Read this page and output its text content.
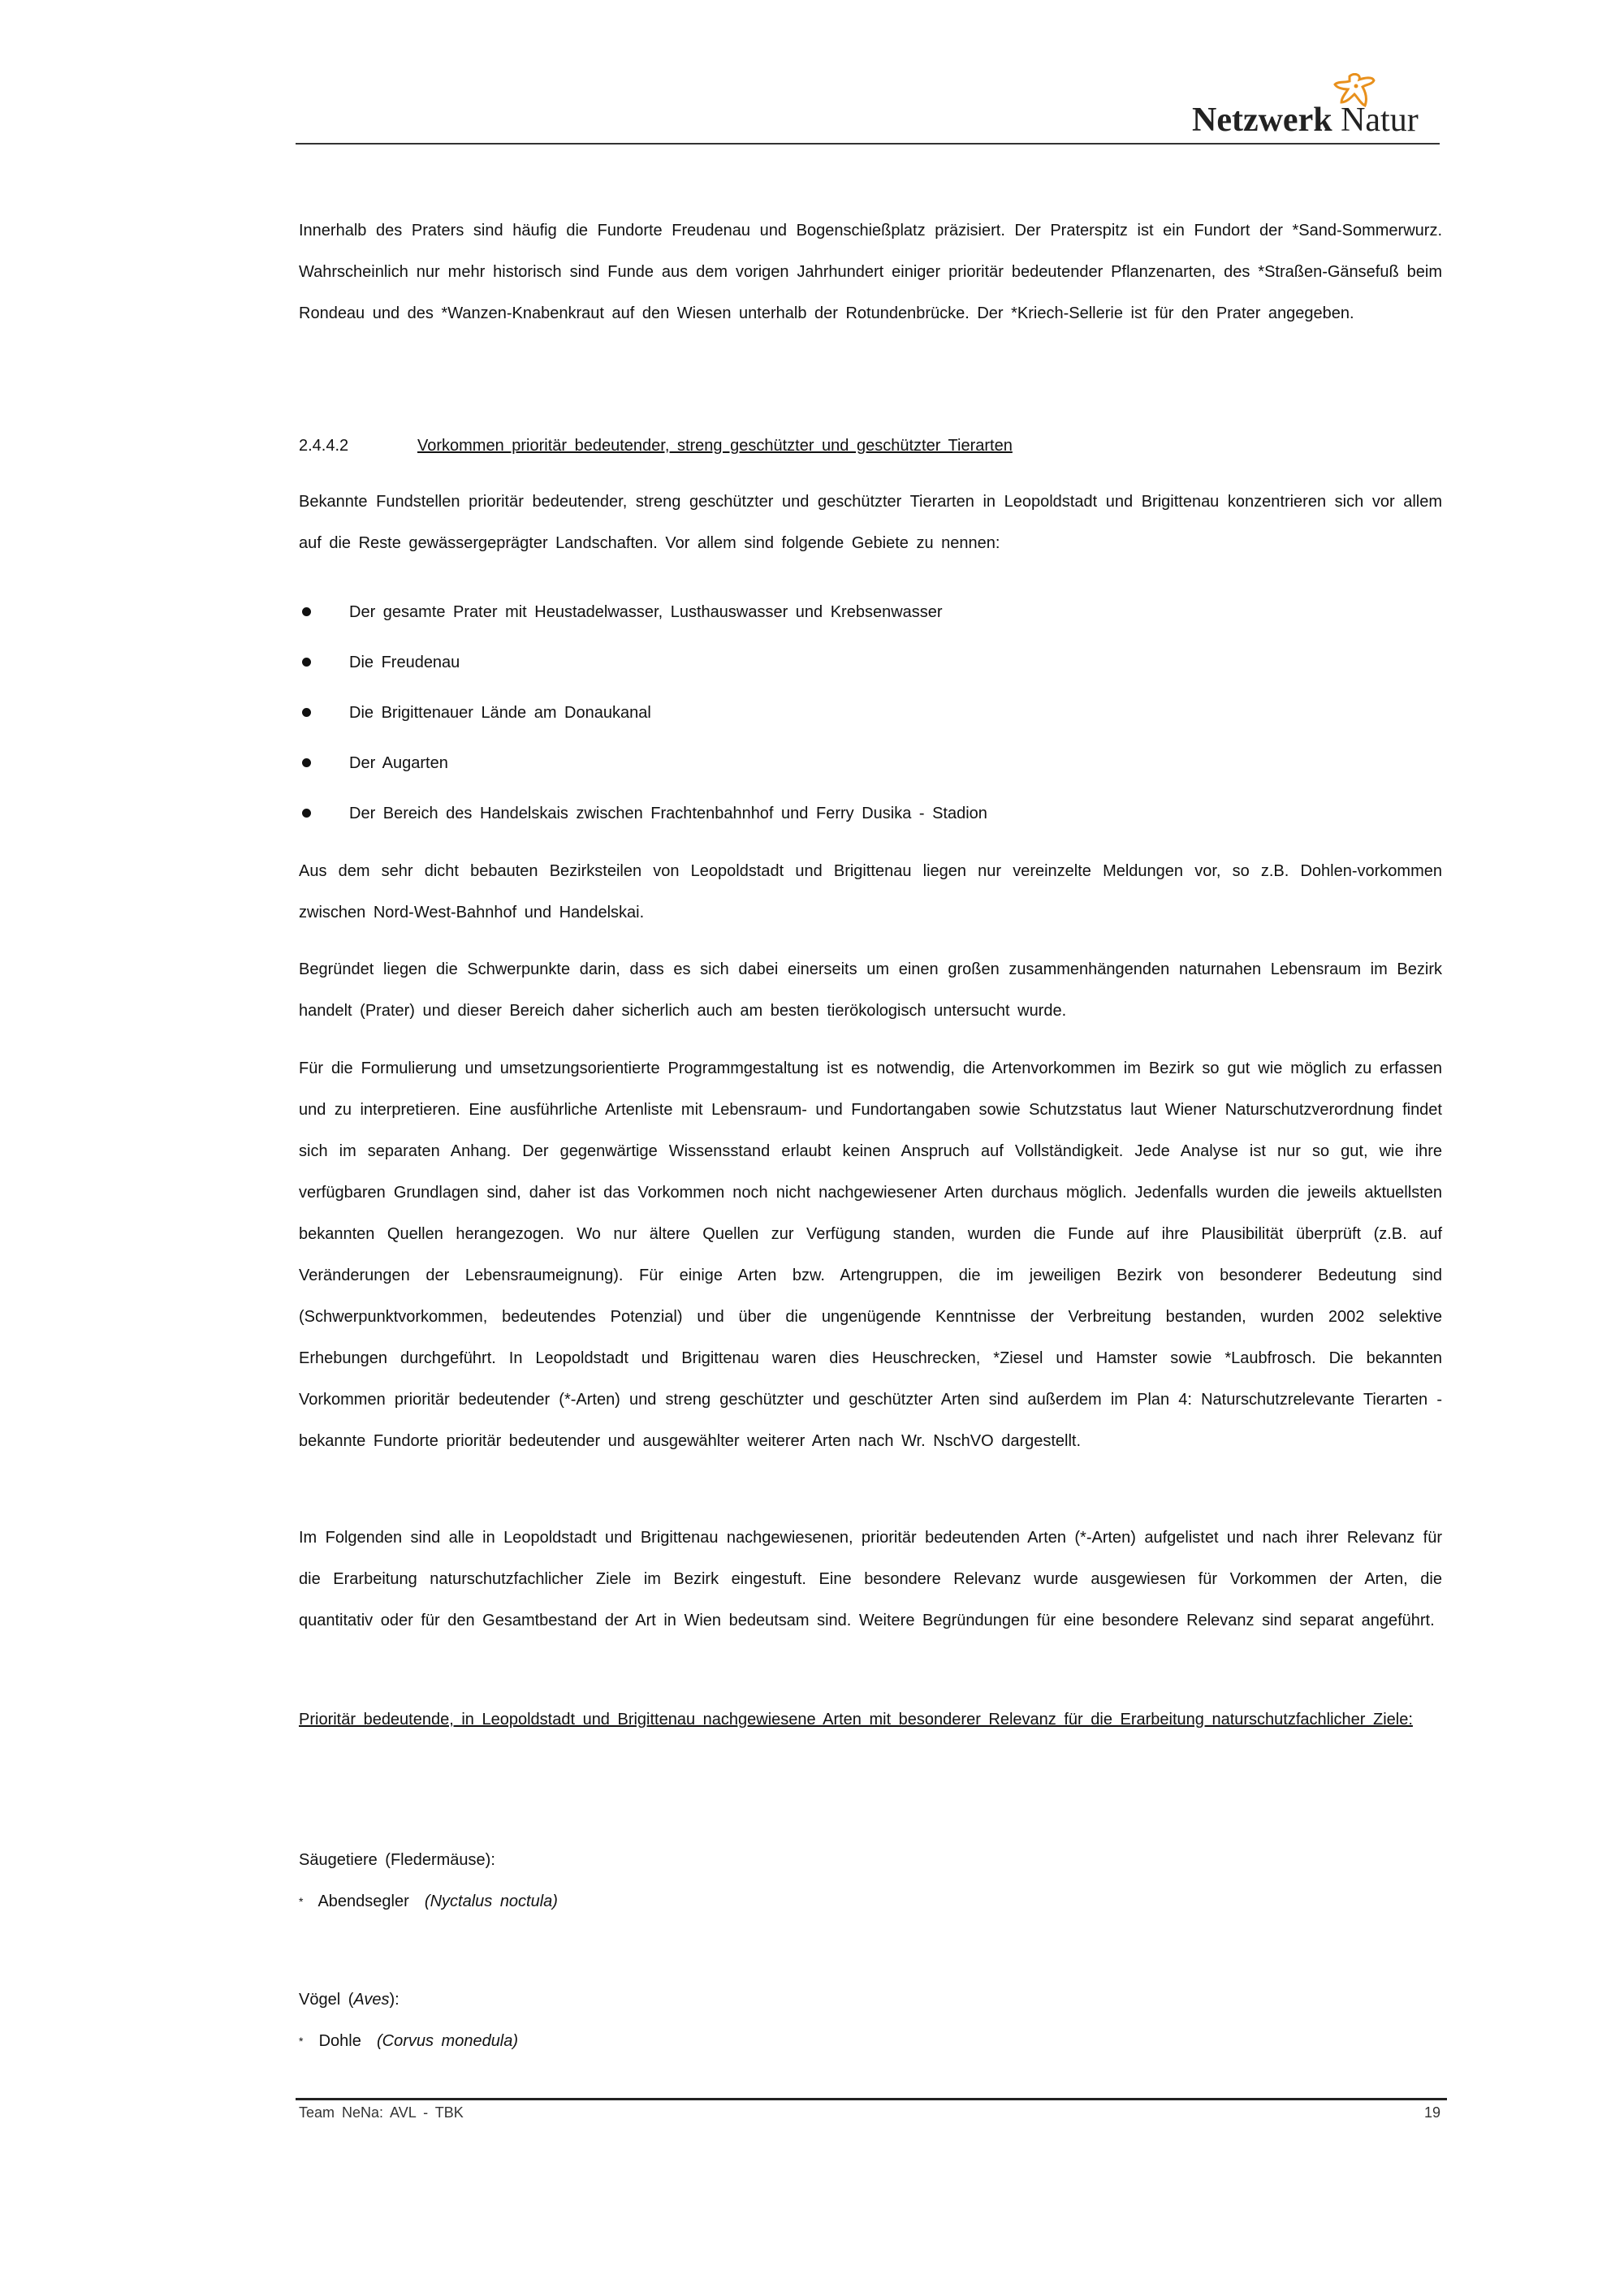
Netzwerk Natur

Innerhalb des Praters sind häufig die Fundorte Freudenau und Bogenschießplatz präzisiert. Der Praterspitz ist ein Fundort der *Sand-Sommerwurz. Wahrscheinlich nur mehr historisch sind Funde aus dem vorigen Jahrhundert einiger prioritär bedeutender Pflanzenarten, des *Straßen-Gänsefuß beim Rondeau und des *Wanzen-Knabenkraut auf den Wiesen unterhalb der Rotundenbrücke. Der *Kriech-Sellerie ist für den Prater angegeben.

2.4.4.2	Vorkommen prioritär bedeutender, streng geschützter und geschützter Tierarten

Bekannte Fundstellen prioritär bedeutender, streng geschützter und geschützter Tierarten in Leopoldstadt und Brigittenau konzentrieren sich vor allem auf die Reste gewässergeprägter Landschaften. Vor allem sind folgende Gebiete zu nennen:

Der gesamte Prater mit Heustadelwasser, Lusthauswasser und Krebsenwasser
Die Freudenau
Die Brigittenauer Lände am Donaukanal
Der Augarten
Der Bereich des Handelskais zwischen Frachtenbahnhof und Ferry Dusika - Stadion

Aus dem sehr dicht bebauten Bezirksteilen von Leopoldstadt und Brigittenau liegen nur vereinzelte Meldungen vor, so z.B. Dohlen-vorkommen zwischen Nord-West-Bahnhof und Handelskai.

Begründet liegen die Schwerpunkte darin, dass es sich dabei einerseits um einen großen zusammenhängenden naturnahen Lebensraum im Bezirk handelt (Prater) und dieser Bereich daher sicherlich auch am besten tierökologisch untersucht wurde.

Für die Formulierung und umsetzungsorientierte Programmgestaltung ist es notwendig, die Artenvorkommen im Bezirk so gut wie möglich zu erfassen und zu interpretieren. Eine ausführliche Artenliste mit Lebensraum- und Fundortangaben sowie Schutzstatus laut Wiener Naturschutzverordnung findet sich im separaten Anhang. Der gegenwärtige Wissensstand erlaubt keinen Anspruch auf Vollständigkeit. Jede Analyse ist nur so gut, wie ihre verfügbaren Grundlagen sind, daher ist das Vorkommen noch nicht nachgewiesener Arten durchaus möglich. Jedenfalls wurden die jeweils aktuellsten bekannten Quellen herangezogen. Wo nur ältere Quellen zur Verfügung standen, wurden die Funde auf ihre Plausibilität überprüft (z.B. auf Veränderungen der Lebensraumeignung). Für einige Arten bzw. Artengruppen, die im jeweiligen Bezirk von besonderer Bedeutung sind (Schwerpunktvorkommen, bedeutendes Potenzial) und über die ungenügende Kenntnisse der Verbreitung bestanden, wurden 2002 selektive Erhebungen durchgeführt. In Leopoldstadt und Brigittenau waren dies Heuschrecken, *Ziesel und Hamster sowie *Laubfrosch. Die bekannten Vorkommen prioritär bedeutender (*-Arten) und streng geschützter und geschützter Arten sind außerdem im Plan 4: Naturschutzrelevante Tierarten - bekannte Fundorte prioritär bedeutender und ausgewählter weiterer Arten nach Wr. NschVO dargestellt.

Im Folgenden sind alle in Leopoldstadt und Brigittenau nachgewiesenen, prioritär bedeutenden Arten (*-Arten) aufgelistet und nach ihrer Relevanz für die Erarbeitung naturschutzfachlicher Ziele im Bezirk eingestuft. Eine besondere Relevanz wurde ausgewiesen für Vorkommen der Arten, die quantitativ oder für den Gesamtbestand der Art in Wien bedeutsam sind. Weitere Begründungen für eine besondere Relevanz sind separat angeführt.

Prioritär bedeutende, in Leopoldstadt und Brigittenau nachgewiesene Arten mit besonderer Relevanz für die Erarbeitung naturschutzfachlicher Ziele:

Säugetiere (Fledermäuse):
* Abendsegler (Nyctalus noctula)
Vögel (Aves):
* Dohle (Corvus monedula)
Team NeNa: AVL - TBK	19
